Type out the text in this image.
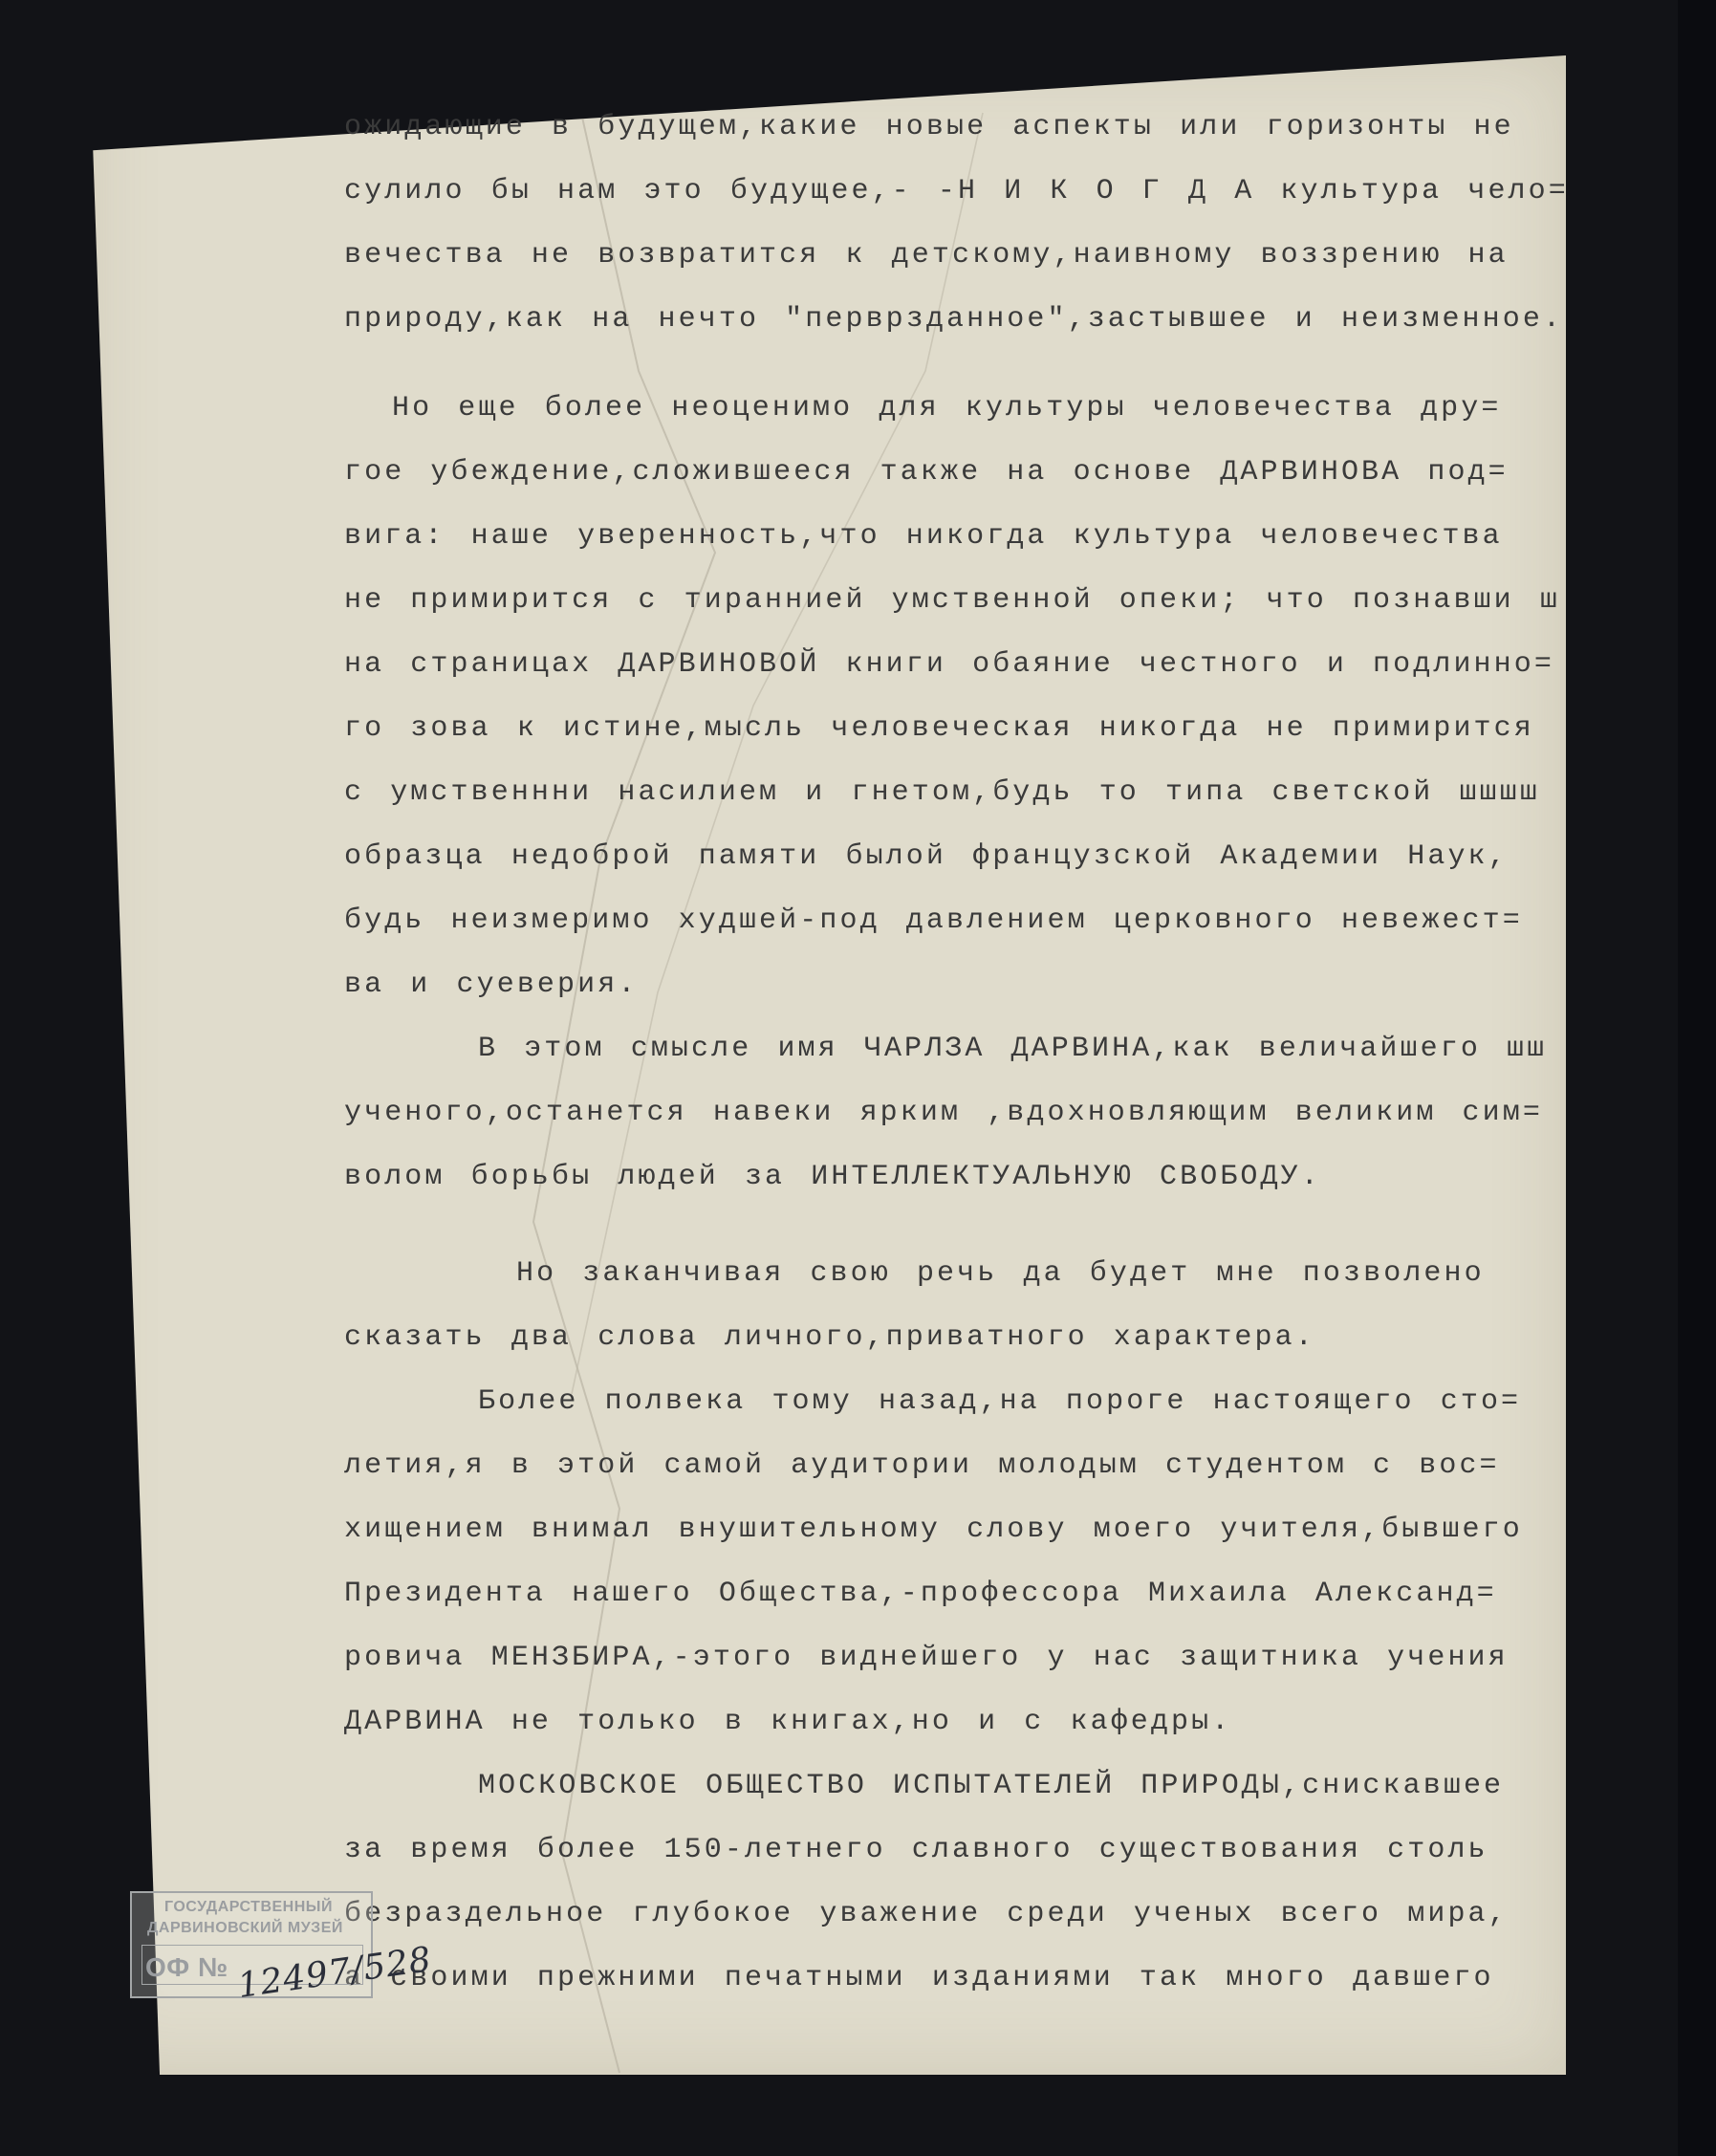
ожидающие в будущем,какие новые аспекты или горизонты не
сулило бы нам это будущее,- -Н И К О Г Д А культура чело=
вечества не возвратится к детскому,наивному воззрению на
природу,как на нечто "перврзданное",застывшее и неизменное.
Но еще более неоценимо для культуры человечества дру=
гое убеждение,сложившееся также на основе ДАРВИНОВА под=
вига: наше уверенность,что никогда культура человечества
не примирится с тираннией умственной опеки; что познавши ш
на страницах ДАРВИНОВОЙ книги обаяние честного и подлинно=
го зова к истине,мысль человеческая никогда не примирится
с умственнни насилием и гнетом,будь то типа светской шшшш
образца недоброй памяти былой французской Академии Наук,
будь неизмеримо худшей-под давлением церковного невежест=
ва и суеверия.
В этом смысле имя ЧАРЛЗА ДАРВИНА,как величайшего шш
ученого,останется навеки ярким ,вдохновляющим великим сим=
волом борьбы людей за ИНТЕЛЛЕКТУАЛЬНУЮ СВОБОДУ.
Но заканчивая свою речь да будет мне позволено
сказать два слова личного,приватного характера.
Более полвека тому назад,на пороге настоящего сто=
летия,я в этой самой аудитории молодым студентом с вос=
хищением внимал внушительному слову моего учителя,бывшего
Президента нашего Общества,-профессора Михаила Александ=
ровича МЕНЗБИРА,-этого виднейшего у нас защитника учения
ДАРВИНА не только в книгах,но и с кафедры.
МОСКОВСКОЕ ОБЩЕСТВО ИСПЫТАТЕЛЕЙ ПРИРОДЫ,снискавшее
за время более 150-летнего славного существования столь
безраздельное глубокое уважение среди ученых всего мира,
а своими прежними печатными изданиями так много давшего
ГОСУДАРСТВЕННЫЙ
ДАРВИНОВСКИЙ МУЗЕЙ
ОФ № 12497/528
